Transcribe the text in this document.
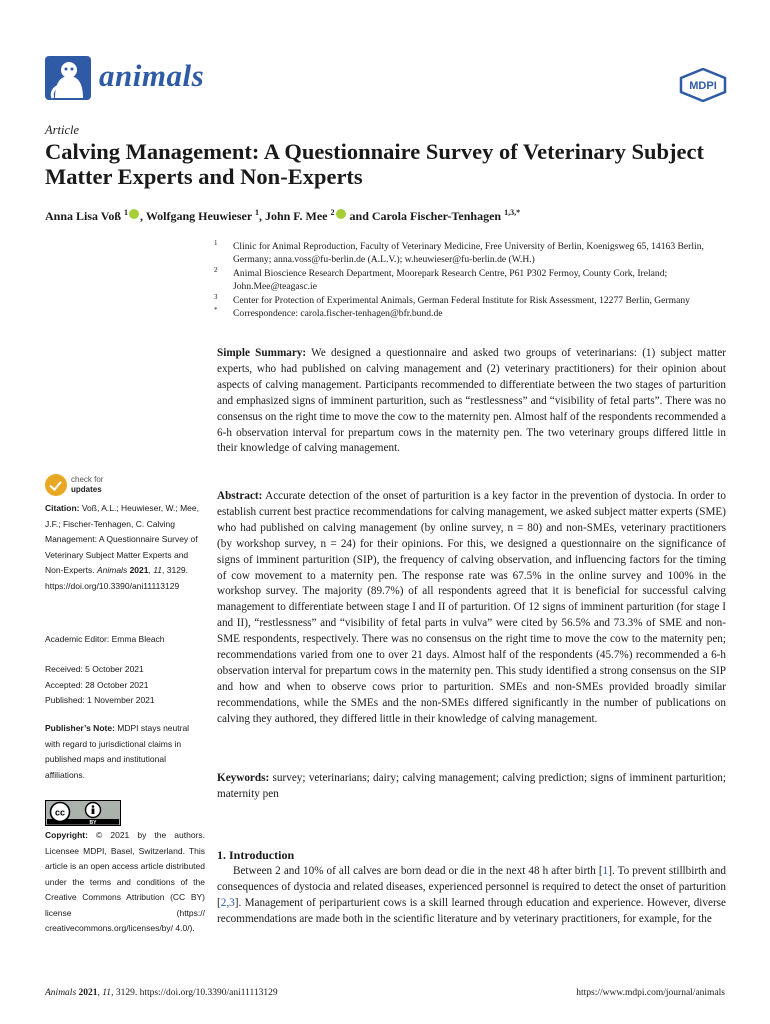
animals	MDPI
Article
Calving Management: A Questionnaire Survey of Veterinary Subject Matter Experts and Non-Experts
Anna Lisa Voß $^1$ , Wolfgang Heuwieser $^1$, John F. Mee $^2$ and Carola Fischer-Tenhagen $^{1,3,*}$
1 Clinic for Animal Reproduction, Faculty of Veterinary Medicine, Free University of Berlin, Koenigsweg 65, 14163 Berlin, Germany; anna.voss@fu-berlin.de (A.L.V.); w.heuwieser@fu-berlin.de (W.H.)
2 Animal Bioscience Research Department, Moorepark Research Centre, P61 P302 Fermoy, County Cork, Ireland; John.Mee@teagasc.ie
3 Center for Protection of Experimental Animals, German Federal Institute for Risk Assessment, 12277 Berlin, Germany
* Correspondence: carola.fischer-tenhagen@bfr.bund.de
Simple Summary: We designed a questionnaire and asked two groups of veterinarians: (1) subject matter experts, who had published on calving management and (2) veterinary practitioners) for their opinion about aspects of calving management. Participants recommended to differentiate between the two stages of parturition and emphasized signs of imminent parturition, such as “restlessness” and “visibility of fetal parts”. There was no consensus on the right time to move the cow to the maternity pen. Almost half of the respondents recommended a 6-h observation interval for prepartum cows in the maternity pen. The two veterinary groups differed little in their knowledge of calving management.
Abstract: Accurate detection of the onset of parturition is a key factor in the prevention of dystocia. In order to establish current best practice recommendations for calving management, we asked subject matter experts (SME) who had published on calving management (by online survey, n = 80) and non-SMEs, veterinary practitioners (by workshop survey, n = 24) for their opinions. For this, we designed a questionnaire on the significance of signs of imminent parturition (SIP), the frequency of calving observation, and influencing factors for the timing of cow movement to a maternity pen. The response rate was 67.5% in the online survey and 100% in the workshop survey. The majority (89.7%) of all respondents agreed that it is beneficial for successful calving management to differentiate between stage I and II of parturition. Of 12 signs of imminent parturition (for stage I and II), “restlessness” and “visibility of fetal parts in vulva” were cited by 56.5% and 73.3% of SME and non-SME respondents, respectively. There was no consensus on the right time to move the cow to the maternity pen; recommendations varied from one to over 21 days. Almost half of the respondents (45.7%) recommended a 6-h observation interval for prepartum cows in the maternity pen. This study identified a strong consensus on the SIP and how and when to observe cows prior to parturition. SMEs and non-SMEs provided broadly similar recommendations, while the SMEs and the non-SMEs differed significantly in the number of publications on calving they authored, they differed little in their knowledge of calving management.
Keywords: survey; veterinarians; dairy; calving management; calving prediction; signs of imminent parturition; maternity pen
1. Introduction
Between 2 and 10% of all calves are born dead or die in the next 48 h after birth [1]. To prevent stillbirth and consequences of dystocia and related diseases, experienced personnel is required to detect the onset of parturition [2,3]. Management of periparturient cows is a skill learned through education and experience. However, diverse recommendations are made both in the scientific literature and by veterinary practitioners, for example, for the
check for
updates
Citation: Voß, A.L.; Heuwieser, W.; Mee, J.F.; Fischer-Tenhagen, C. Calving Management: A Questionnaire Survey of Veterinary Subject Matter Experts and Non-Experts. Animals 2021, 11, 3129. https://doi.org/10.3390/ani11113129
Academic Editor: Emma Bleach
Received: 5 October 2021
Accepted: 28 October 2021
Published: 1 November 2021
Publisher’s Note: MDPI stays neutral with regard to jurisdictional claims in published maps and institutional affiliations.
cc
BY
Copyright: © 2021 by the authors. Licensee MDPI, Basel, Switzerland. This article is an open access article distributed under the terms and conditions of the Creative Commons Attribution (CC BY) license (https:// creativecommons.org/licenses/by/ 4.0/).
Animals 2021, 11, 3129. https://doi.org/10.3390/ani11113129	https://www.mdpi.com/journal/animals
